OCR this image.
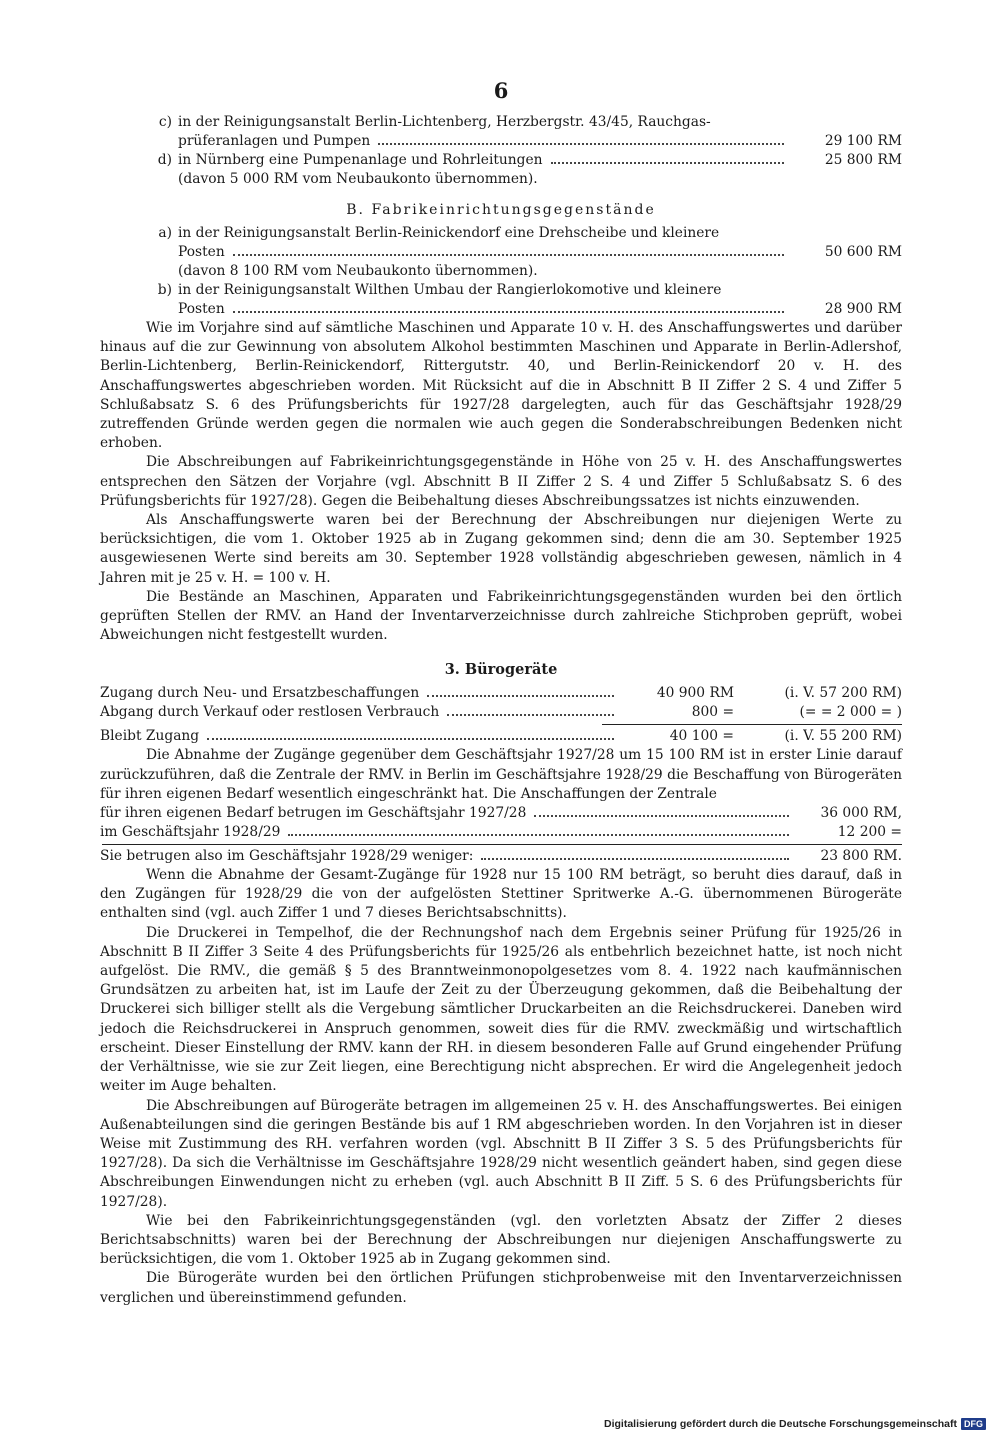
6
c) in der Reinigungsanstalt Berlin-Lichtenberg, Herzbergstr. 43/45, Rauchgas-
prüferanlagen und Pumpen	29 100 RM
d) in Nürnberg eine Pumpenanlage und Rohrleitungen	25 800 RM
(davon 5 000 RM vom Neubaukonto übernommen).
B. Fabrikeinrichtungsgegenstände
a) in der Reinigungsanstalt Berlin-Reinickendorf eine Drehscheibe und kleinere
Posten	50 600 RM
(davon 8 100 RM vom Neubaukonto übernommen).
b) in der Reinigungsanstalt Wilthen Umbau der Rangierlokomotive und kleinere
Posten	28 900 RM

Wie im Vorjahre sind auf sämtliche Maschinen und Apparate 10 v. H. des Anschaffungswertes und darüber hinaus auf die zur Gewinnung von absolutem Alkohol bestimmten Maschinen und Apparate in Berlin-Adlershof, Berlin-Lichtenberg, Berlin-Reinickendorf, Rittergutstr. 40, und Berlin-Reinickendorf 20 v. H. des Anschaffungswertes abgeschrieben worden. Mit Rücksicht auf die in Abschnitt B II Ziffer 2 S. 4 und Ziffer 5 Schlußabsatz S. 6 des Prüfungsberichts für 1927/28 dargelegten, auch für das Geschäftsjahr 1928/29 zutreffenden Gründe werden gegen die normalen wie auch gegen die Sonderabschreibungen Bedenken nicht erhoben.

Die Abschreibungen auf Fabrikeinrichtungsgegenstände in Höhe von 25 v. H. des Anschaffungswertes entsprechen den Sätzen der Vorjahre (vgl. Abschnitt B II Ziffer 2 S. 4 und Ziffer 5 Schlußabsatz S. 6 des Prüfungsberichts für 1927/28). Gegen die Beibehaltung dieses Abschreibungssatzes ist nichts einzuwenden.

Als Anschaffungswerte waren bei der Berechnung der Abschreibungen nur diejenigen Werte zu berücksichtigen, die vom 1. Oktober 1925 ab in Zugang gekommen sind; denn die am 30. September 1925 ausgewiesenen Werte sind bereits am 30. September 1928 vollständig abgeschrieben gewesen, nämlich in 4 Jahren mit je 25 v. H. = 100 v. H.

Die Bestände an Maschinen, Apparaten und Fabrikeinrichtungsgegenständen wurden bei den örtlich geprüften Stellen der RMV. an Hand der Inventarverzeichnisse durch zahlreiche Stichproben geprüft, wobei Abweichungen nicht festgestellt wurden.

3. Bürogeräte
Zugang durch Neu- und Ersatzbeschaffungen	40 900 RM	(i. V. 57 200 RM)
Abgang durch Verkauf oder restlosen Verbrauch	800 =	(= = 2 000 = )
Bleibt Zugang	40 100 =	(i. V. 55 200 RM)

Die Abnahme der Zugänge gegenüber dem Geschäftsjahr 1927/28 um 15 100 RM ist in erster Linie darauf zurückzuführen, daß die Zentrale der RMV. in Berlin im Geschäftsjahre 1928/29 die Beschaffung von Bürogeräten für ihren eigenen Bedarf wesentlich eingeschränkt hat. Die Anschaffungen der Zentrale

für ihren eigenen Bedarf betrugen im Geschäftsjahr 1927/28	36 000 RM,
im Geschäftsjahr 1928/29	12 200 =
Sie betrugen also im Geschäftsjahr 1928/29 weniger:	23 800 RM.

Wenn die Abnahme der Gesamt-Zugänge für 1928 nur 15 100 RM beträgt, so beruht dies darauf, daß in den Zugängen für 1928/29 die von der aufgelösten Stettiner Spritwerke A.-G. übernommenen Bürogeräte enthalten sind (vgl. auch Ziffer 1 und 7 dieses Berichtsabschnitts).

Die Druckerei in Tempelhof, die der Rechnungshof nach dem Ergebnis seiner Prüfung für 1925/26 in Abschnitt B II Ziffer 3 Seite 4 des Prüfungsberichts für 1925/26 als entbehrlich bezeichnet hatte, ist noch nicht aufgelöst. Die RMV., die gemäß § 5 des Branntweinmonopolgesetzes vom 8. 4. 1922 nach kaufmännischen Grundsätzen zu arbeiten hat, ist im Laufe der Zeit zu der Überzeugung gekommen, daß die Beibehaltung der Druckerei sich billiger stellt als die Vergebung sämtlicher Druckarbeiten an die Reichsdruckerei. Daneben wird jedoch die Reichsdruckerei in Anspruch genommen, soweit dies für die RMV. zweckmäßig und wirtschaftlich erscheint. Dieser Einstellung der RMV. kann der RH. in diesem besonderen Falle auf Grund eingehender Prüfung der Verhältnisse, wie sie zur Zeit liegen, eine Berechtigung nicht absprechen. Er wird die Angelegenheit jedoch weiter im Auge behalten.

Die Abschreibungen auf Bürogeräte betragen im allgemeinen 25 v. H. des Anschaffungswertes. Bei einigen Außenabteilungen sind die geringen Bestände bis auf 1 RM abgeschrieben worden. In den Vorjahren ist in dieser Weise mit Zustimmung des RH. verfahren worden (vgl. Abschnitt B II Ziffer 3 S. 5 des Prüfungsberichts für 1927/28). Da sich die Verhältnisse im Geschäftsjahre 1928/29 nicht wesentlich geändert haben, sind gegen diese Abschreibungen Einwendungen nicht zu erheben (vgl. auch Abschnitt B II Ziff. 5 S. 6 des Prüfungsberichts für 1927/28).

Wie bei den Fabrikeinrichtungsgegenständen (vgl. den vorletzten Absatz der Ziffer 2 dieses Berichtsabschnitts) waren bei der Berechnung der Abschreibungen nur diejenigen Anschaffungswerte zu berücksichtigen, die vom 1. Oktober 1925 ab in Zugang gekommen sind.

Die Bürogeräte wurden bei den örtlichen Prüfungen stichprobenweise mit den Inventarverzeichnissen verglichen und übereinstimmend gefunden.

Digitalisierung gefördert durch die Deutsche Forschungsgemeinschaft DFG
